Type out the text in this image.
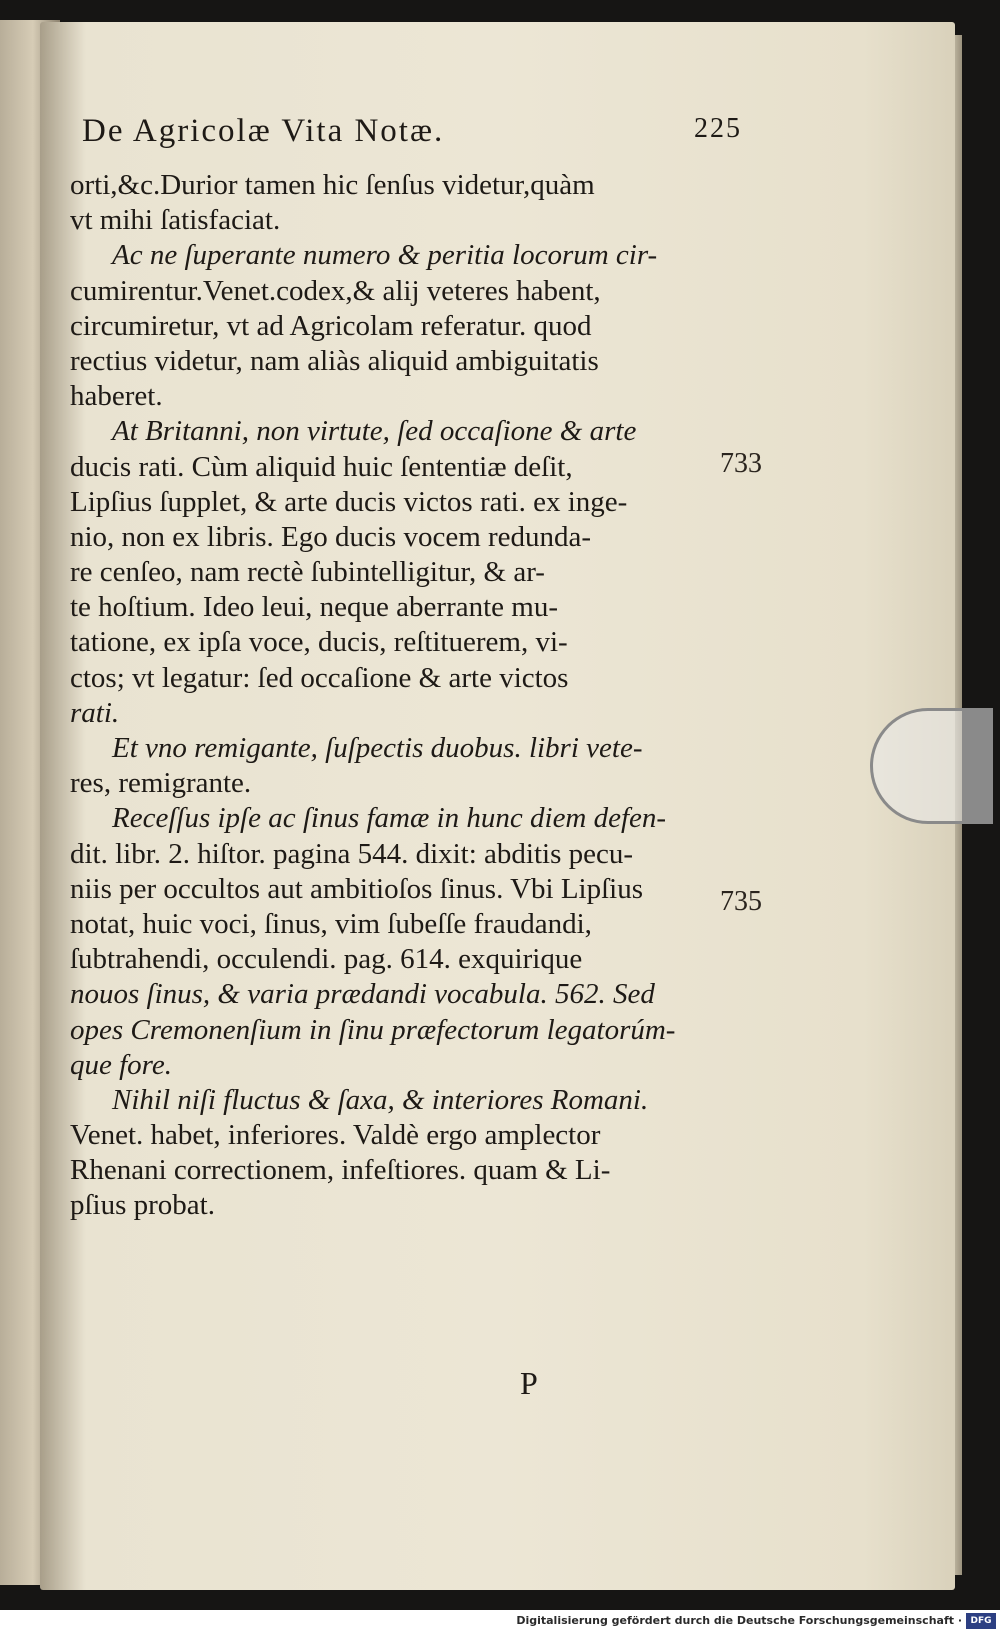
De Agricolæ Vita Notæ.	225
orti,&c.Durior tamen hic ſenſus videtur,quàm
vt mihi ſatisfaciat.
Ac ne ſuperante numero & peritia locorum cir-
cumirentur.Venet.codex,& alij veteres habent,
circumiretur, vt ad Agricolam referatur. quod
rectius videtur, nam aliàs aliquid ambiguitatis
haberet.
At Britanni, non virtute, ſed occaſione & arte
ducis rati. Cùm aliquid huic ſententiæ deſit,
Lipſius ſupplet, & arte ducis victos rati. ex inge-
nio, non ex libris. Ego ducis vocem redunda-
re cenſeo, nam rectè ſubintelligitur, & ar-
te hoſtium. Ideo leui, neque aberrante mu-
tatione, ex ipſa voce, ducis, reſtituerem, vi-
ctos; vt legatur: ſed occaſione & arte victos
rati.
Et vno remigante, ſuſpectis duobus. libri vete-
res, remigrante.
Receſſus ipſe ac ſinus famæ in hunc diem defen-
dit. libr. 2. hiſtor. pagina 544. dixit: abditis pecu-
niis per occultos aut ambitioſos ſinus. Vbi Lipſius
notat, huic voci, ſinus, vim ſubeſſe fraudandi,
ſubtrahendi, occulendi. pag. 614. exquirique
nouos ſinus, & varia prædandi vocabula. 562. Sed
opes Cremonenſium in ſinu præfectorum legatorúm-
que fore.
Nihil niſi fluctus & ſaxa, & interiores Romani.
Venet. habet, inferiores. Valdè ergo amplector
Rhenani correctionem, infeſtiores. quam & Li-
pſius probat.
733
735
P
Digitalisierung gefördert durch die Deutsche Forschungsgemeinschaft · DFG
